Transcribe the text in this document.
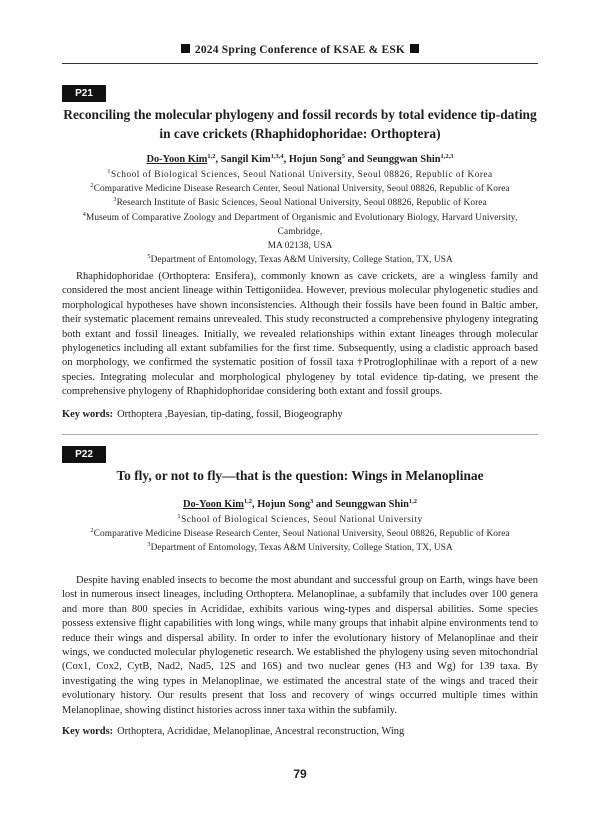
2024 Spring Conference of KSAE & ESK
P21
Reconciling the molecular phylogeny and fossil records by total evidence tip-dating
in cave crickets (Rhaphidophoridae: Orthoptera)
Do-Yoon Kim$^{1,2}$, Sangil Kim$^{1,3,4}$, Hojun Song$^5$ and Seunggwan Shin$^{1,2,3}$
$^1$School of Biological Sciences, Seoul National University, Seoul 08826, Republic of Korea
$^2$Comparative Medicine Disease Research Center, Seoul National University, Seoul 08826, Republic of Korea
$^3$Research Institute of Basic Sciences, Seoul National University, Seoul 08826, Republic of Korea
$^4$Museum of Comparative Zoology and Department of Organismic and Evolutionary Biology, Harvard University, Cambridge,
MA 02138, USA
$^5$Department of Entomology, Texas A&M University, College Station, TX, USA

Rhaphidophoridae (Orthoptera: Ensifera), commonly known as cave crickets, are a wingless family and considered the most ancient lineage within Tettigoniidea. However, previous molecular phylogenetic studies and morphological hypotheses have shown inconsistencies. Although their fossils have been found in Baltic amber, their systematic placement remains unrevealed. This study reconstructed a comprehensive phylogeny integrating both extant and fossil lineages. Initially, we revealed relationships within extant lineages through molecular phylogenetics including all extant subfamilies for the first time. Subsequently, using a cladistic approach based on morphology, we confirmed the systematic position of fossil taxa †Protroglophilinae with a report of a new species. Integrating molecular and morphological phylogeney by total evidence tip-dating, we present the comprehensive phylogeny of Rhaphidophoridae considering both extant and fossil groups.

Key words: Orthoptera ,Bayesian, tip-dating, fossil, Biogeography
P22
To fly, or not to fly—that is the question: Wings in Melanoplinae
Do-Yoon Kim$^{1,2}$, Hojun Song$^3$ and Seunggwan Shin$^{1,2}$
$^1$School of Biological Sciences, Seoul National University
$^2$Comparative Medicine Disease Research Center, Seoul National University, Seoul 08826, Republic of Korea
$^3$Department of Entomology, Texas A&M University, College Station, TX, USA

Despite having enabled insects to become the most abundant and successful group on Earth, wings have been lost in numerous insect lineages, including Orthoptera. Melanoplinae, a subfamily that includes over 100 genera and more than 800 species in Acrididae, exhibits various wing-types and dispersal abilities. Some species possess extensive flight capabilities with long wings, while many groups that inhabit alpine environments tend to reduce their wings and dispersal ability. In order to infer the evolutionary history of Melanoplinae and their wings, we conducted molecular phylogenetic research. We established the phylogeny using seven mitochondrial (Cox1, Cox2, CytB, Nad2, Nad5, 12S and 16S) and two nuclear genes (H3 and Wg) for 139 taxa. By investigating the wing types in Melanoplinae, we estimated the ancestral state of the wings and traced their evolutionary history. Our results present that loss and recovery of wings occurred multiple times within Melanoplinae, showing distinct histories across inner taxa within the subfamily.

Key words: Orthoptera, Acrididae, Melanoplinae, Ancestral reconstruction, Wing
79
